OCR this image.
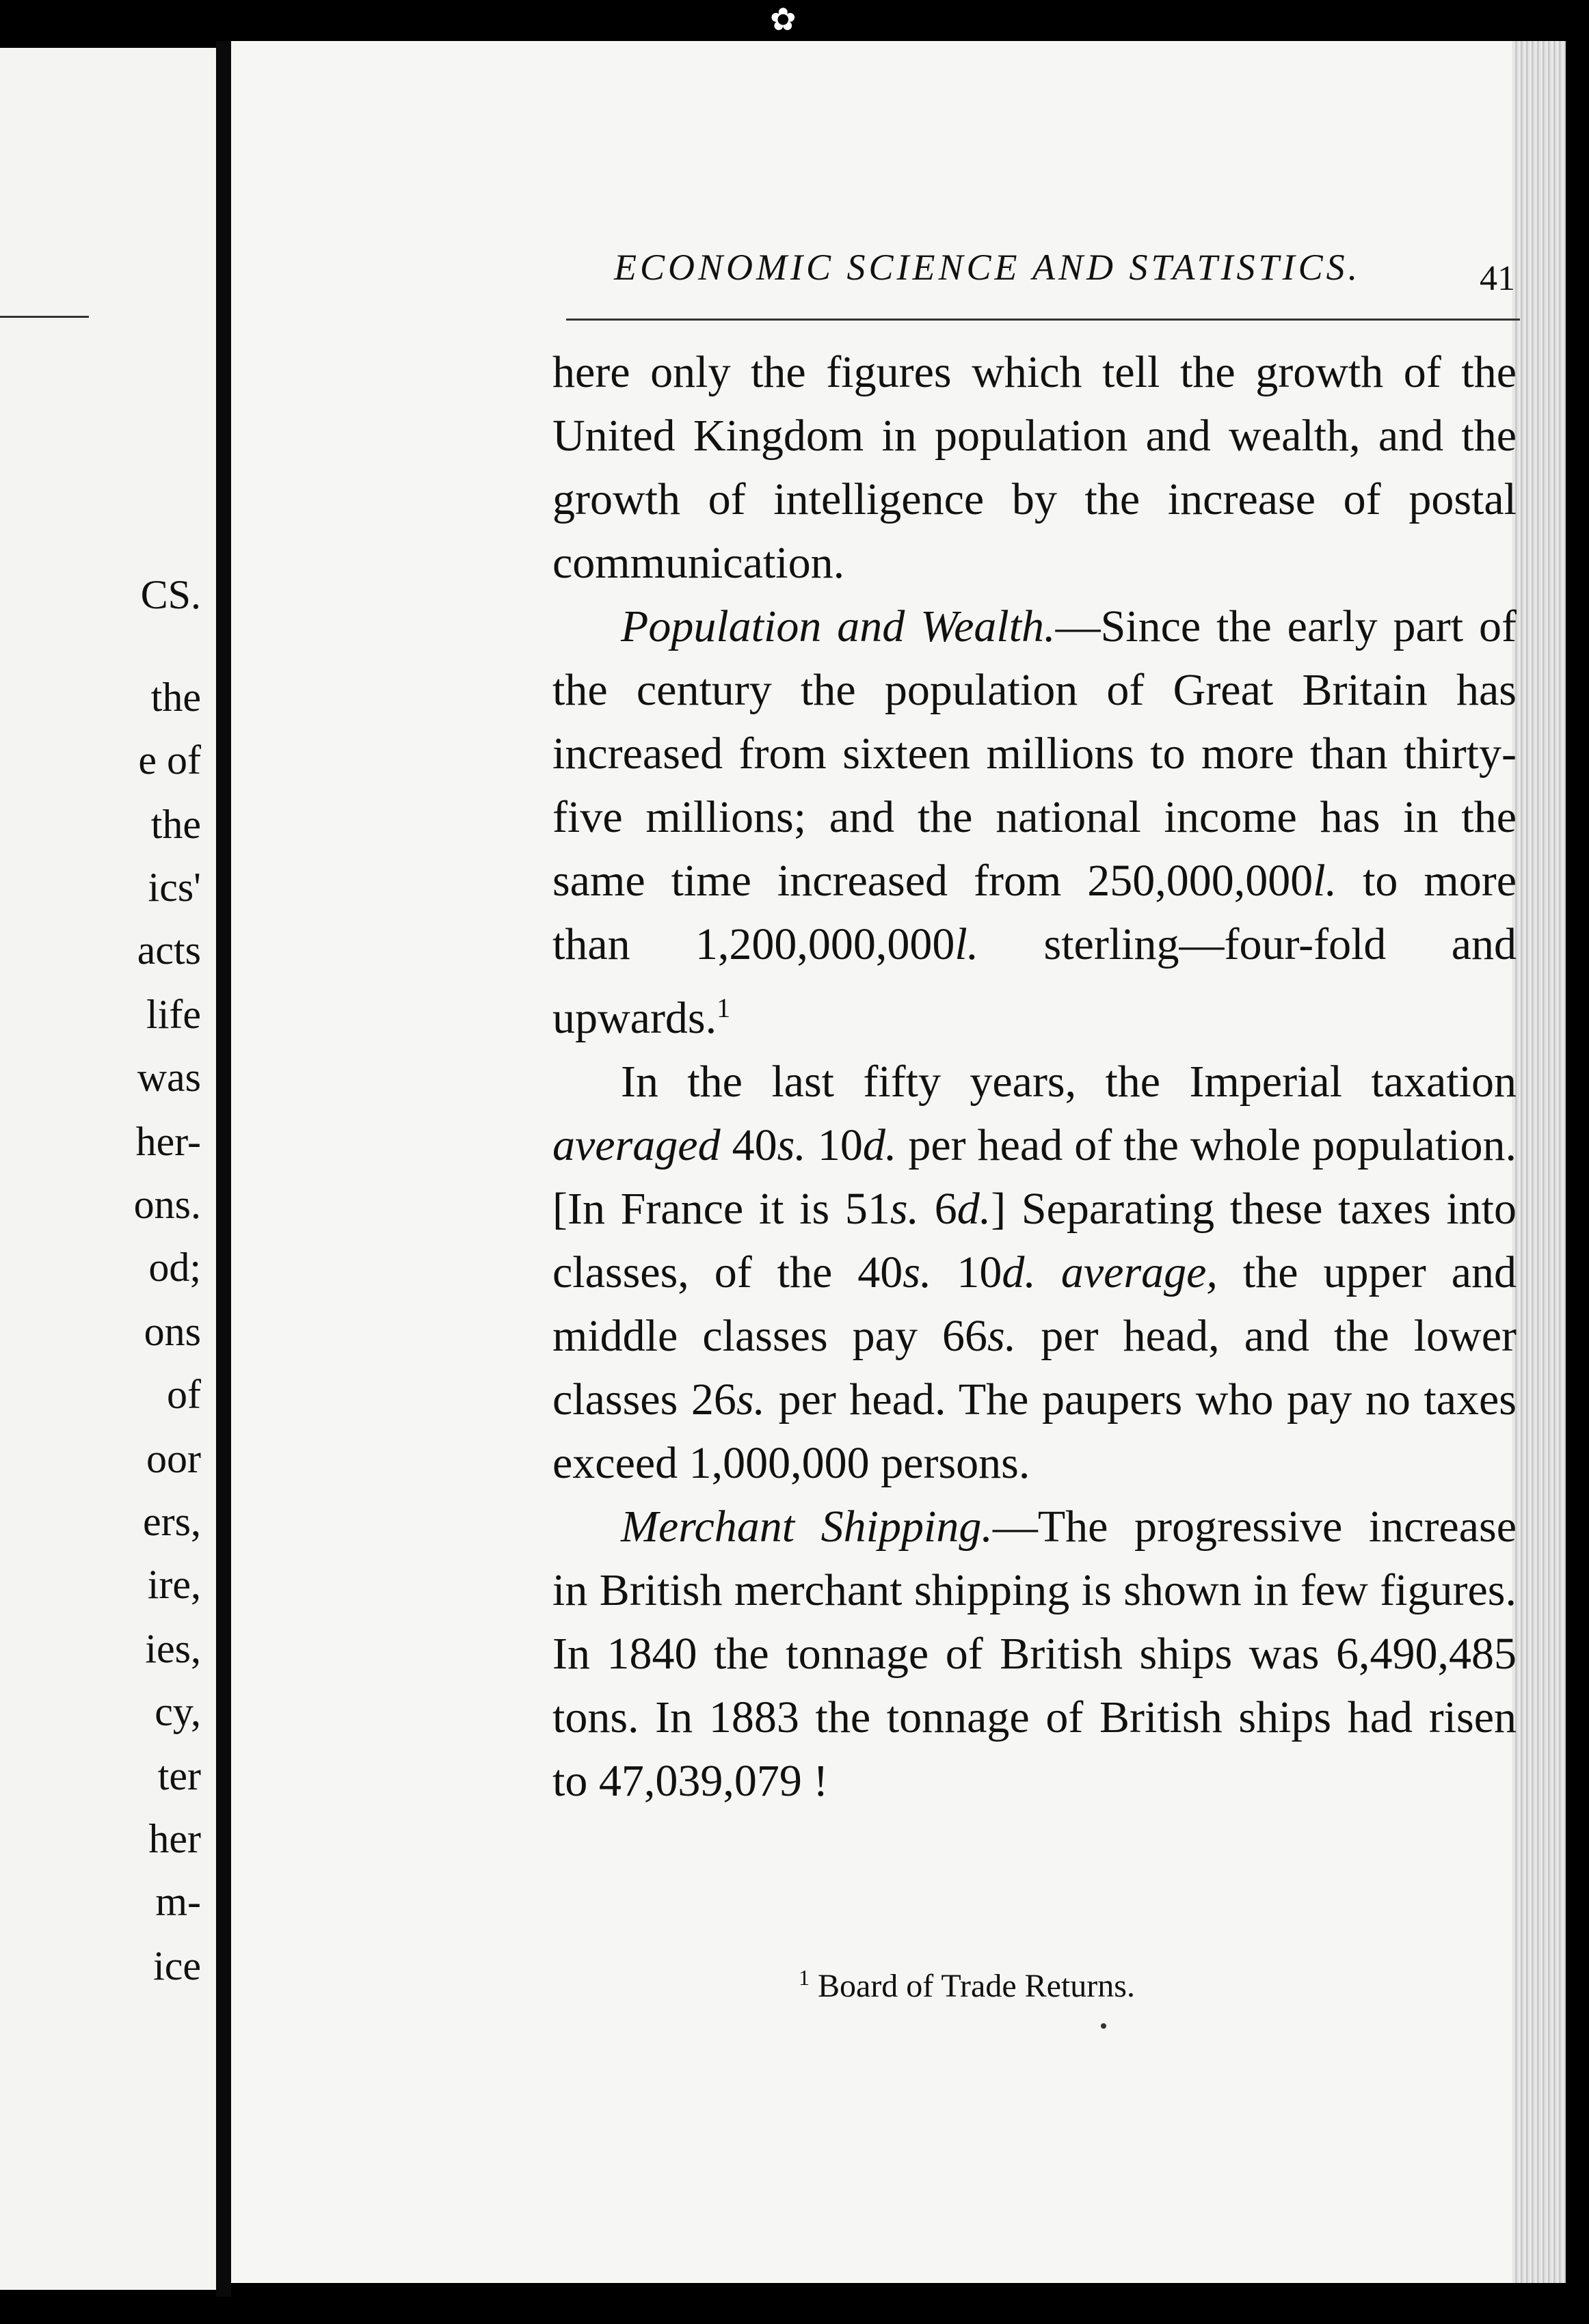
CS.
the
e of
the
ics'
acts
life
was
her-
ons.
od;
ons
of
oor
ers,
ire,
ies,
cy,
ter
her
m-
ice
✿
ECONOMIC SCIENCE AND STATISTICS.	41

here only the figures which tell the growth of the United Kingdom in population and wealth, and the growth of intelligence by the increase of postal communication.

Population and Wealth.—Since the early part of the century the population of Great Britain has increased from sixteen millions to more than thirty-five millions; and the national income has in the same time increased from 250,000,000l. to more than 1,200,000,000l. sterling—four-fold and upwards.$^1$

In the last fifty years, the Imperial taxation averaged 40s. 10d. per head of the whole population. [In France it is 51s. 6d.] Separating these taxes into classes, of the 40s. 10d. average, the upper and middle classes pay 66s. per head, and the lower classes 26s. per head. The paupers who pay no taxes exceed 1,000,000 persons.

Merchant Shipping.—The progressive increase in British merchant shipping is shown in few figures. In 1840 the tonnage of British ships was 6,490,485 tons. In 1883 the tonnage of British ships had risen to 47,039,079 !

$^1$ Board of Trade Returns.
